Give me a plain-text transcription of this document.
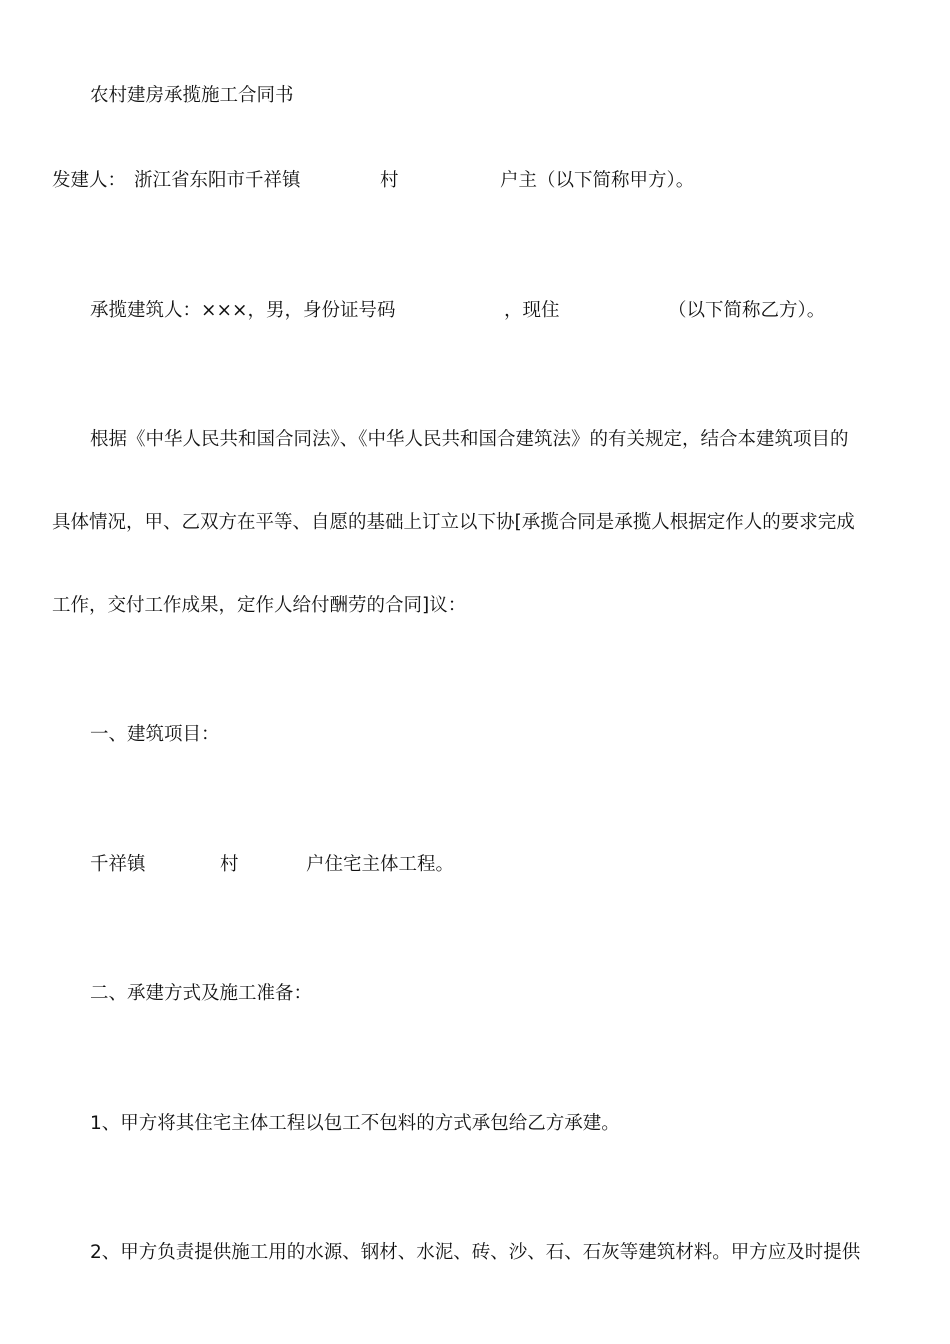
农村建房承揽施工合同书
发建人： 浙江省东阳市千祥镇	村	户主（以下简称甲方）。
承揽建筑人：×××，男，身份证号码	，现住	（以下简称乙方）。
根据《中华人民共和国合同法》、《中华人民共和国合建筑法》的有关规定，结合本建筑项目的
具体情况，甲、乙双方在平等、自愿的基础上订立以下协[承揽合同是承揽人根据定作人的要求完成
工作，交付工作成果，定作人给付酬劳的合同]议：
一、建筑项目：
千祥镇	村	户住宅主体工程。
二、承建方式及施工准备：
1、甲方将其住宅主体工程以包工不包料的方式承包给乙方承建。
2、甲方负责提供施工用的水源、钢材、水泥、砖、沙、石、石灰等建筑材料。甲方应及时提供
